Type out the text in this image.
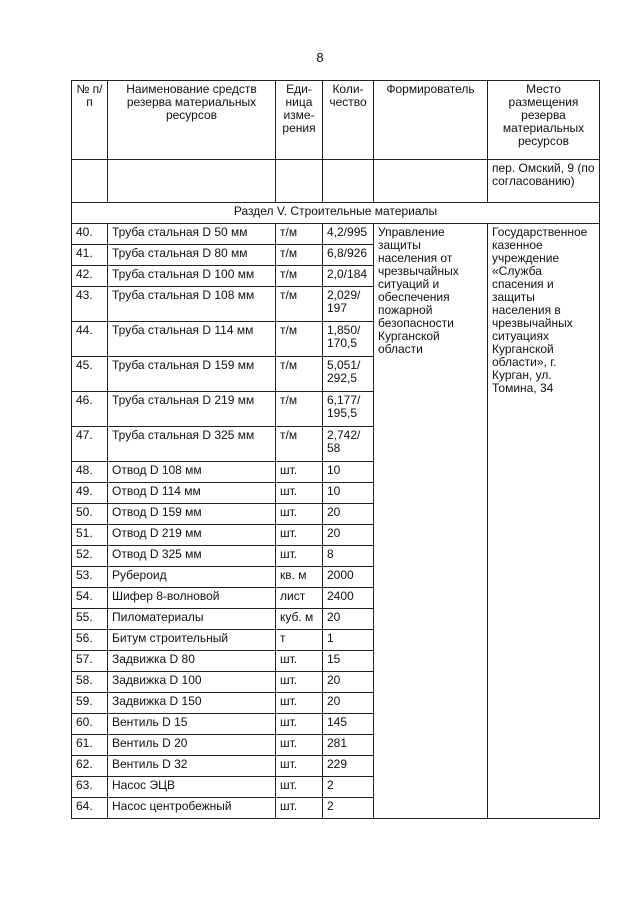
8
№ п/п	Наименование средств резерва материальных ресурсов	Еди- ница изме- рения	Коли- чество	Формирователь	Место размещения резерва материальных ресурсов
					пер. Омский, 9 (по согласованию)
Раздел V. Строительные материалы					
40.	Труба стальная D 50 мм	т/м	4,2/995	Управление защиты населения от чрезвычайных ситуаций и обеспечения пожарной безопасности Курганской области	Государственное казенное учреждение «Служба спасения и защиты населения в чрезвычайных ситуациях Курганской области», г. Курган, ул. Томина, 34
41.	Труба стальная D 80 мм	т/м	6,8/926		
42.	Труба стальная D 100 мм	т/м	2,0/184		
43.	Труба стальная D 108 мм	т/м	2,029/ 197		
44.	Труба стальная D 114 мм	т/м	1,850/ 170,5		
45.	Труба стальная D 159 мм	т/м	5,051/ 292,5		
46.	Труба стальная D 219 мм	т/м	6,177/ 195,5		
47.	Труба стальная D 325 мм	т/м	2,742/ 58		
48.	Отвод D 108 мм	шт.	10		
49.	Отвод D 114 мм	шт.	10		
50.	Отвод D 159 мм	шт.	20		
51.	Отвод D 219 мм	шт.	20		
52.	Отвод D 325 мм	шт.	8		
53.	Рубероид	кв. м	2000		
54.	Шифер 8-волновой	лист	2400		
55.	Пиломатериалы	куб. м	20		
56.	Битум строительный	т	1		
57.	Задвижка D 80	шт.	15		
58.	Задвижка D 100	шт.	20		
59.	Задвижка D 150	шт.	20		
60.	Вентиль D 15	шт.	145		
61.	Вентиль D 20	шт.	281		
62.	Вентиль D 32	шт.	229		
63.	Насос ЭЦВ	шт.	2		
64.	Насос центробежный	шт.	2		
